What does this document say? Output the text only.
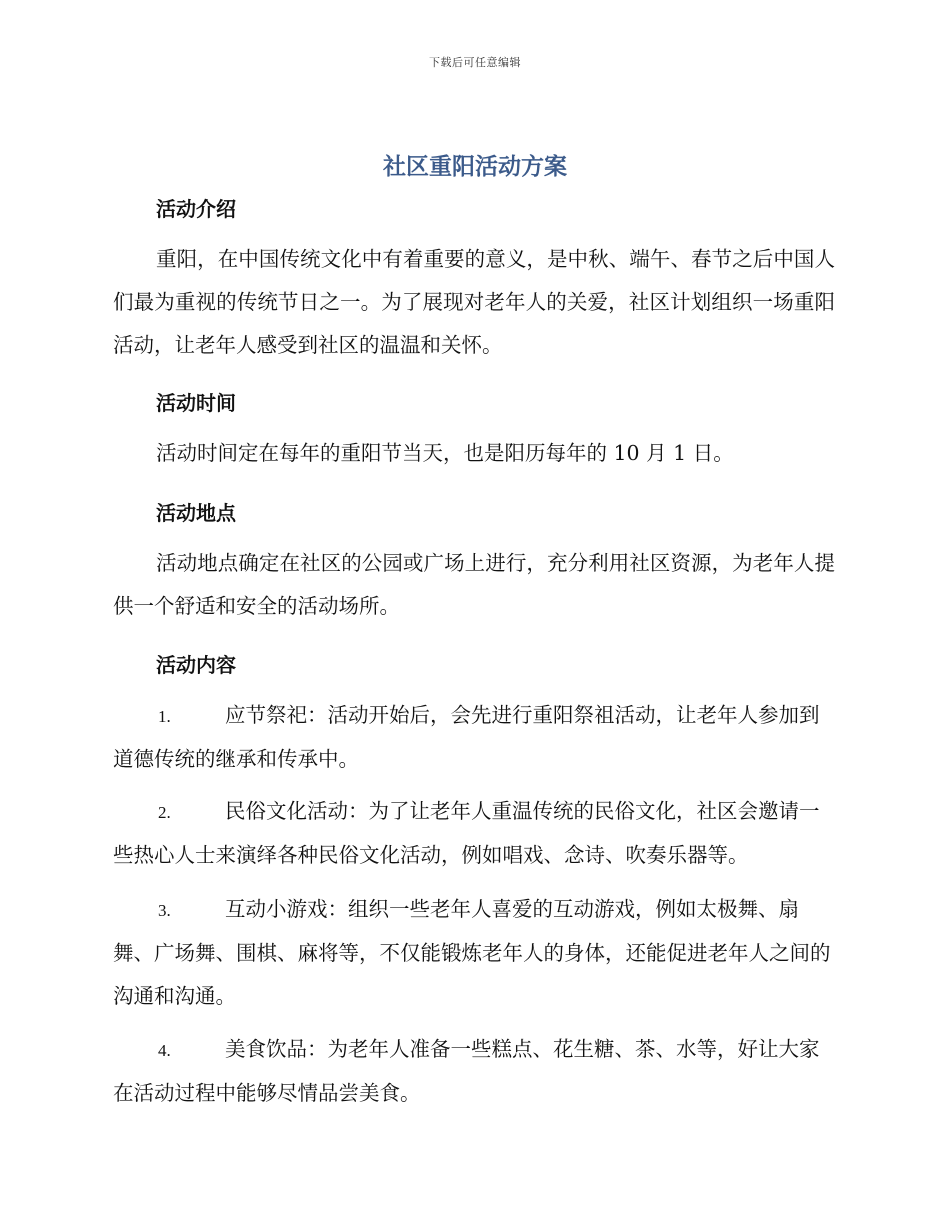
下载后可任意编辑
社区重阳活动方案
活动介绍
重阳，在中国传统文化中有着重要的意义，是中秋、端午、春节之后中国人们最为重视的传统节日之一。为了展现对老年人的关爱，社区计划组织一场重阳活动，让老年人感受到社区的温温和关怀。
活动时间
活动时间定在每年的重阳节当天，也是阳历每年的 10 月 1 日。
活动地点
活动地点确定在社区的公园或广场上进行，充分利用社区资源，为老年人提供一个舒适和安全的活动场所。
活动内容
1.	应节祭祀：活动开始后，会先进行重阳祭祖活动，让老年人参加到道德传统的继承和传承中。
2.	民俗文化活动：为了让老年人重温传统的民俗文化，社区会邀请一些热心人士来演绎各种民俗文化活动，例如唱戏、念诗、吹奏乐器等。
3.	互动小游戏：组织一些老年人喜爱的互动游戏，例如太极舞、扇舞、广场舞、围棋、麻将等，不仅能锻炼老年人的身体，还能促进老年人之间的沟通和沟通。
4.	美食饮品：为老年人准备一些糕点、花生糖、茶、水等，好让大家在活动过程中能够尽情品尝美食。
